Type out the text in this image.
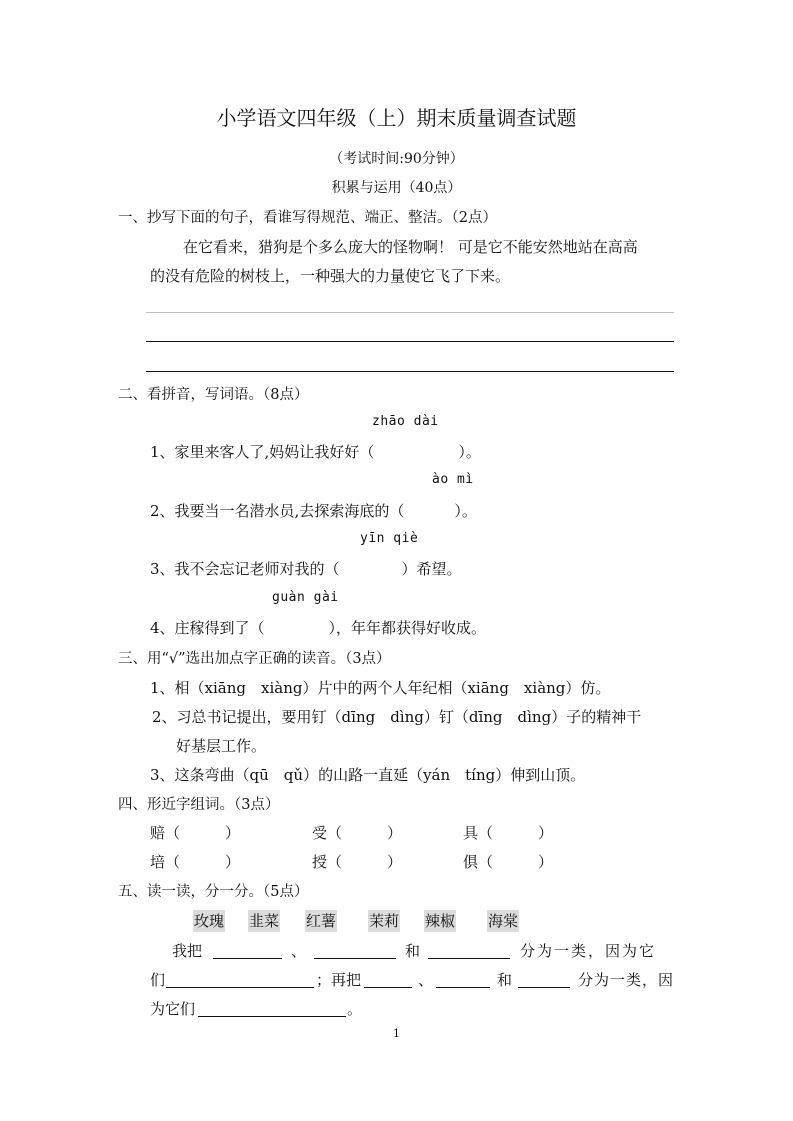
小学语文四年级（上）期末质量调查试题
（考试时间:90分钟）
积累与运用（40点）
一、抄写下面的句子，看谁写得规范、端正、整洁。（2点）
在它看来，猎狗是个多么庞大的怪物啊！ 可是它不能安然地站在高高
的没有危险的树枝上，一种强大的力量使它飞了下来。
二、看拼音，写词语。（8点）
zhāo dài
1、家里来客人了,妈妈让我好好（	）。
ào mì
2、我要当一名潜水员,去探索海底的（	）。
yīn qiè
3、我不会忘记老师对我的（	）希望。
guàn gài
4、庄稼得到了（	），年年都获得好收成。
三、用“√”选出加点字正确的读音。（3点）
1、相（xiāng　xiàng）片中的两个人年纪相（xiāng　xiàng）仿。
2、习总书记提出，要用钉（dīng　dìng）钉（dīng　dìng）子的精神干
好基层工作。
3、这条弯曲（qū　qǔ）的山路一直延（yán　tíng）伸到山顶。
四、形近字组词。（3点）
赔（　　　）	受（　　　）	具（　　　）
培（　　　）	授（　　　）	俱（　　　）
五、读一读，分一分。（5点）
玫瑰 韭菜 红薯 茉莉 辣椒 海棠
我把	、	和	分为一类，因为它
们	；再把	、	和	分为一类，因
为它们	。
1
